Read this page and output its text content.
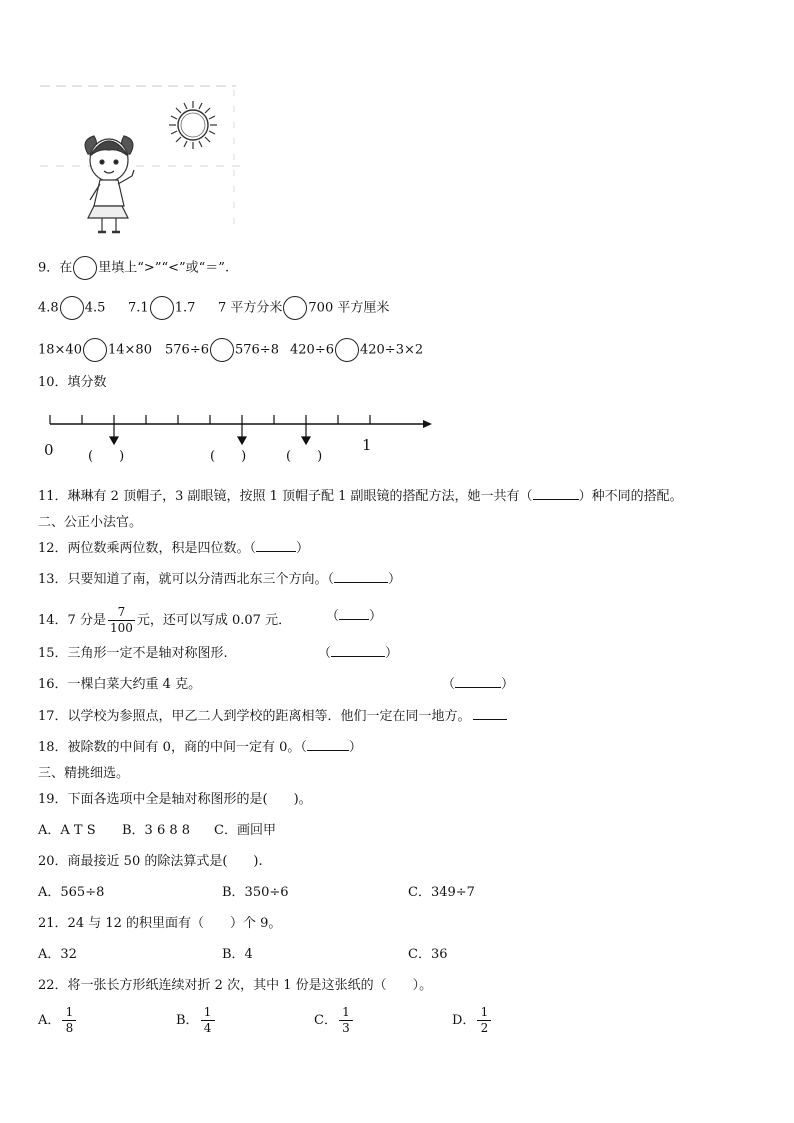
9．在 里填上“>”“<”或“＝”.
4.8 4.5 7.1 1.7 7 平方分米 700 平方厘米
18×40 14×80 576÷6 576÷8 420÷6 420÷3×2
10．填分数
0	1
(　　)	(　　)	(　　)
11．琳琳有 2 顶帽子，3 副眼镜，按照 1 顶帽子配 1 副眼镜的搭配方法，她一共有（	）种不同的搭配。
二、公正小法官。
12．两位数乘两位数，积是四位数。（	）
13．只要知道了南，就可以分清西北东三个方向。（	）
14．7 分是 $\frac{7}{100}$ 元，还可以写成 0.07 元．	（ ）
15．三角形一定不是轴对称图形.	（	）
16．一棵白菜大约重 4 克。	（	）
17．以学校为参照点，甲乙二人到学校的距离相等．他们一定在同一地方。
18．被除数的中间有 0，商的中间一定有 0。（	）
三、精挑细选。
19．下面各选项中全是轴对称图形的是(　　)。
A．A T S B．3 6 8 8 C．画回甲
20．商最接近 50 的除法算式是(　　).
A．565÷8	B．350÷6	C．349÷7
21．24 与 12 的积里面有（　　）个 9。
A．32	B．4	C．36
22．将一张长方形纸连续对折 2 次，其中 1 份是这张纸的（　　）。
A． $\frac{1}{8}$	B． $\frac{1}{4}$	C． $\frac{1}{3}$	D． $\frac{1}{2}$
